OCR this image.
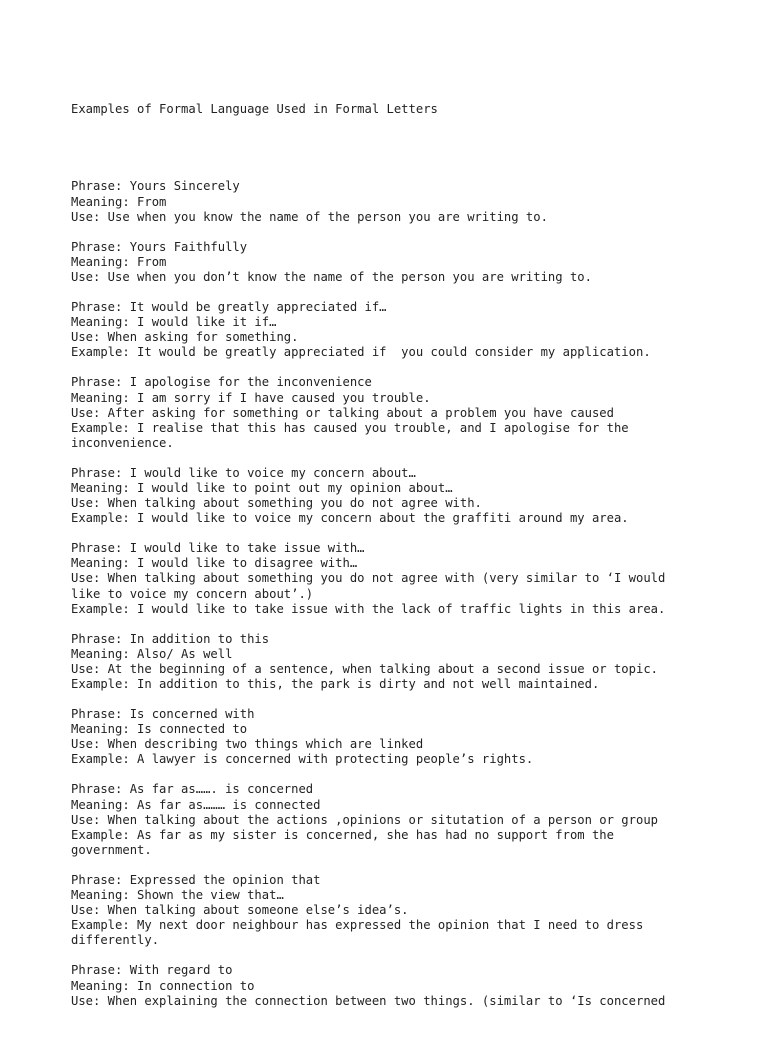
Examples of Formal Language Used in Formal Letters

Phrase: Yours Sincerely
Meaning: From
Use: Use when you know the name of the person you are writing to.
Phrase: Yours Faithfully
Meaning: From
Use: Use when you don’t know the name of the person you are writing to.
Phrase: It would be greatly appreciated if…
Meaning: I would like it if…
Use: When asking for something.
Example: It would be greatly appreciated if  you could consider my application.
Phrase: I apologise for the inconvenience
Meaning: I am sorry if I have caused you trouble.
Use: After asking for something or talking about a problem you have caused
Example: I realise that this has caused you trouble, and I apologise for the
inconvenience.
Phrase: I would like to voice my concern about…
Meaning: I would like to point out my opinion about…
Use: When talking about something you do not agree with.
Example: I would like to voice my concern about the graffiti around my area.
Phrase: I would like to take issue with…
Meaning: I would like to disagree with…
Use: When talking about something you do not agree with (very similar to ‘I would
like to voice my concern about’.)
Example: I would like to take issue with the lack of traffic lights in this area.
Phrase: In addition to this
Meaning: Also/ As well
Use: At the beginning of a sentence, when talking about a second issue or topic.
Example: In addition to this, the park is dirty and not well maintained.
Phrase: Is concerned with
Meaning: Is connected to
Use: When describing two things which are linked
Example: A lawyer is concerned with protecting people’s rights.
Phrase: As far as……. is concerned
Meaning: As far as……… is connected
Use: When talking about the actions ,opinions or situtation of a person or group
Example: As far as my sister is concerned, she has had no support from the
government.
Phrase: Expressed the opinion that
Meaning: Shown the view that…
Use: When talking about someone else’s idea’s.
Example: My next door neighbour has expressed the opinion that I need to dress
differently.
Phrase: With regard to
Meaning: In connection to
Use: When explaining the connection between two things. (similar to ‘Is concerned
